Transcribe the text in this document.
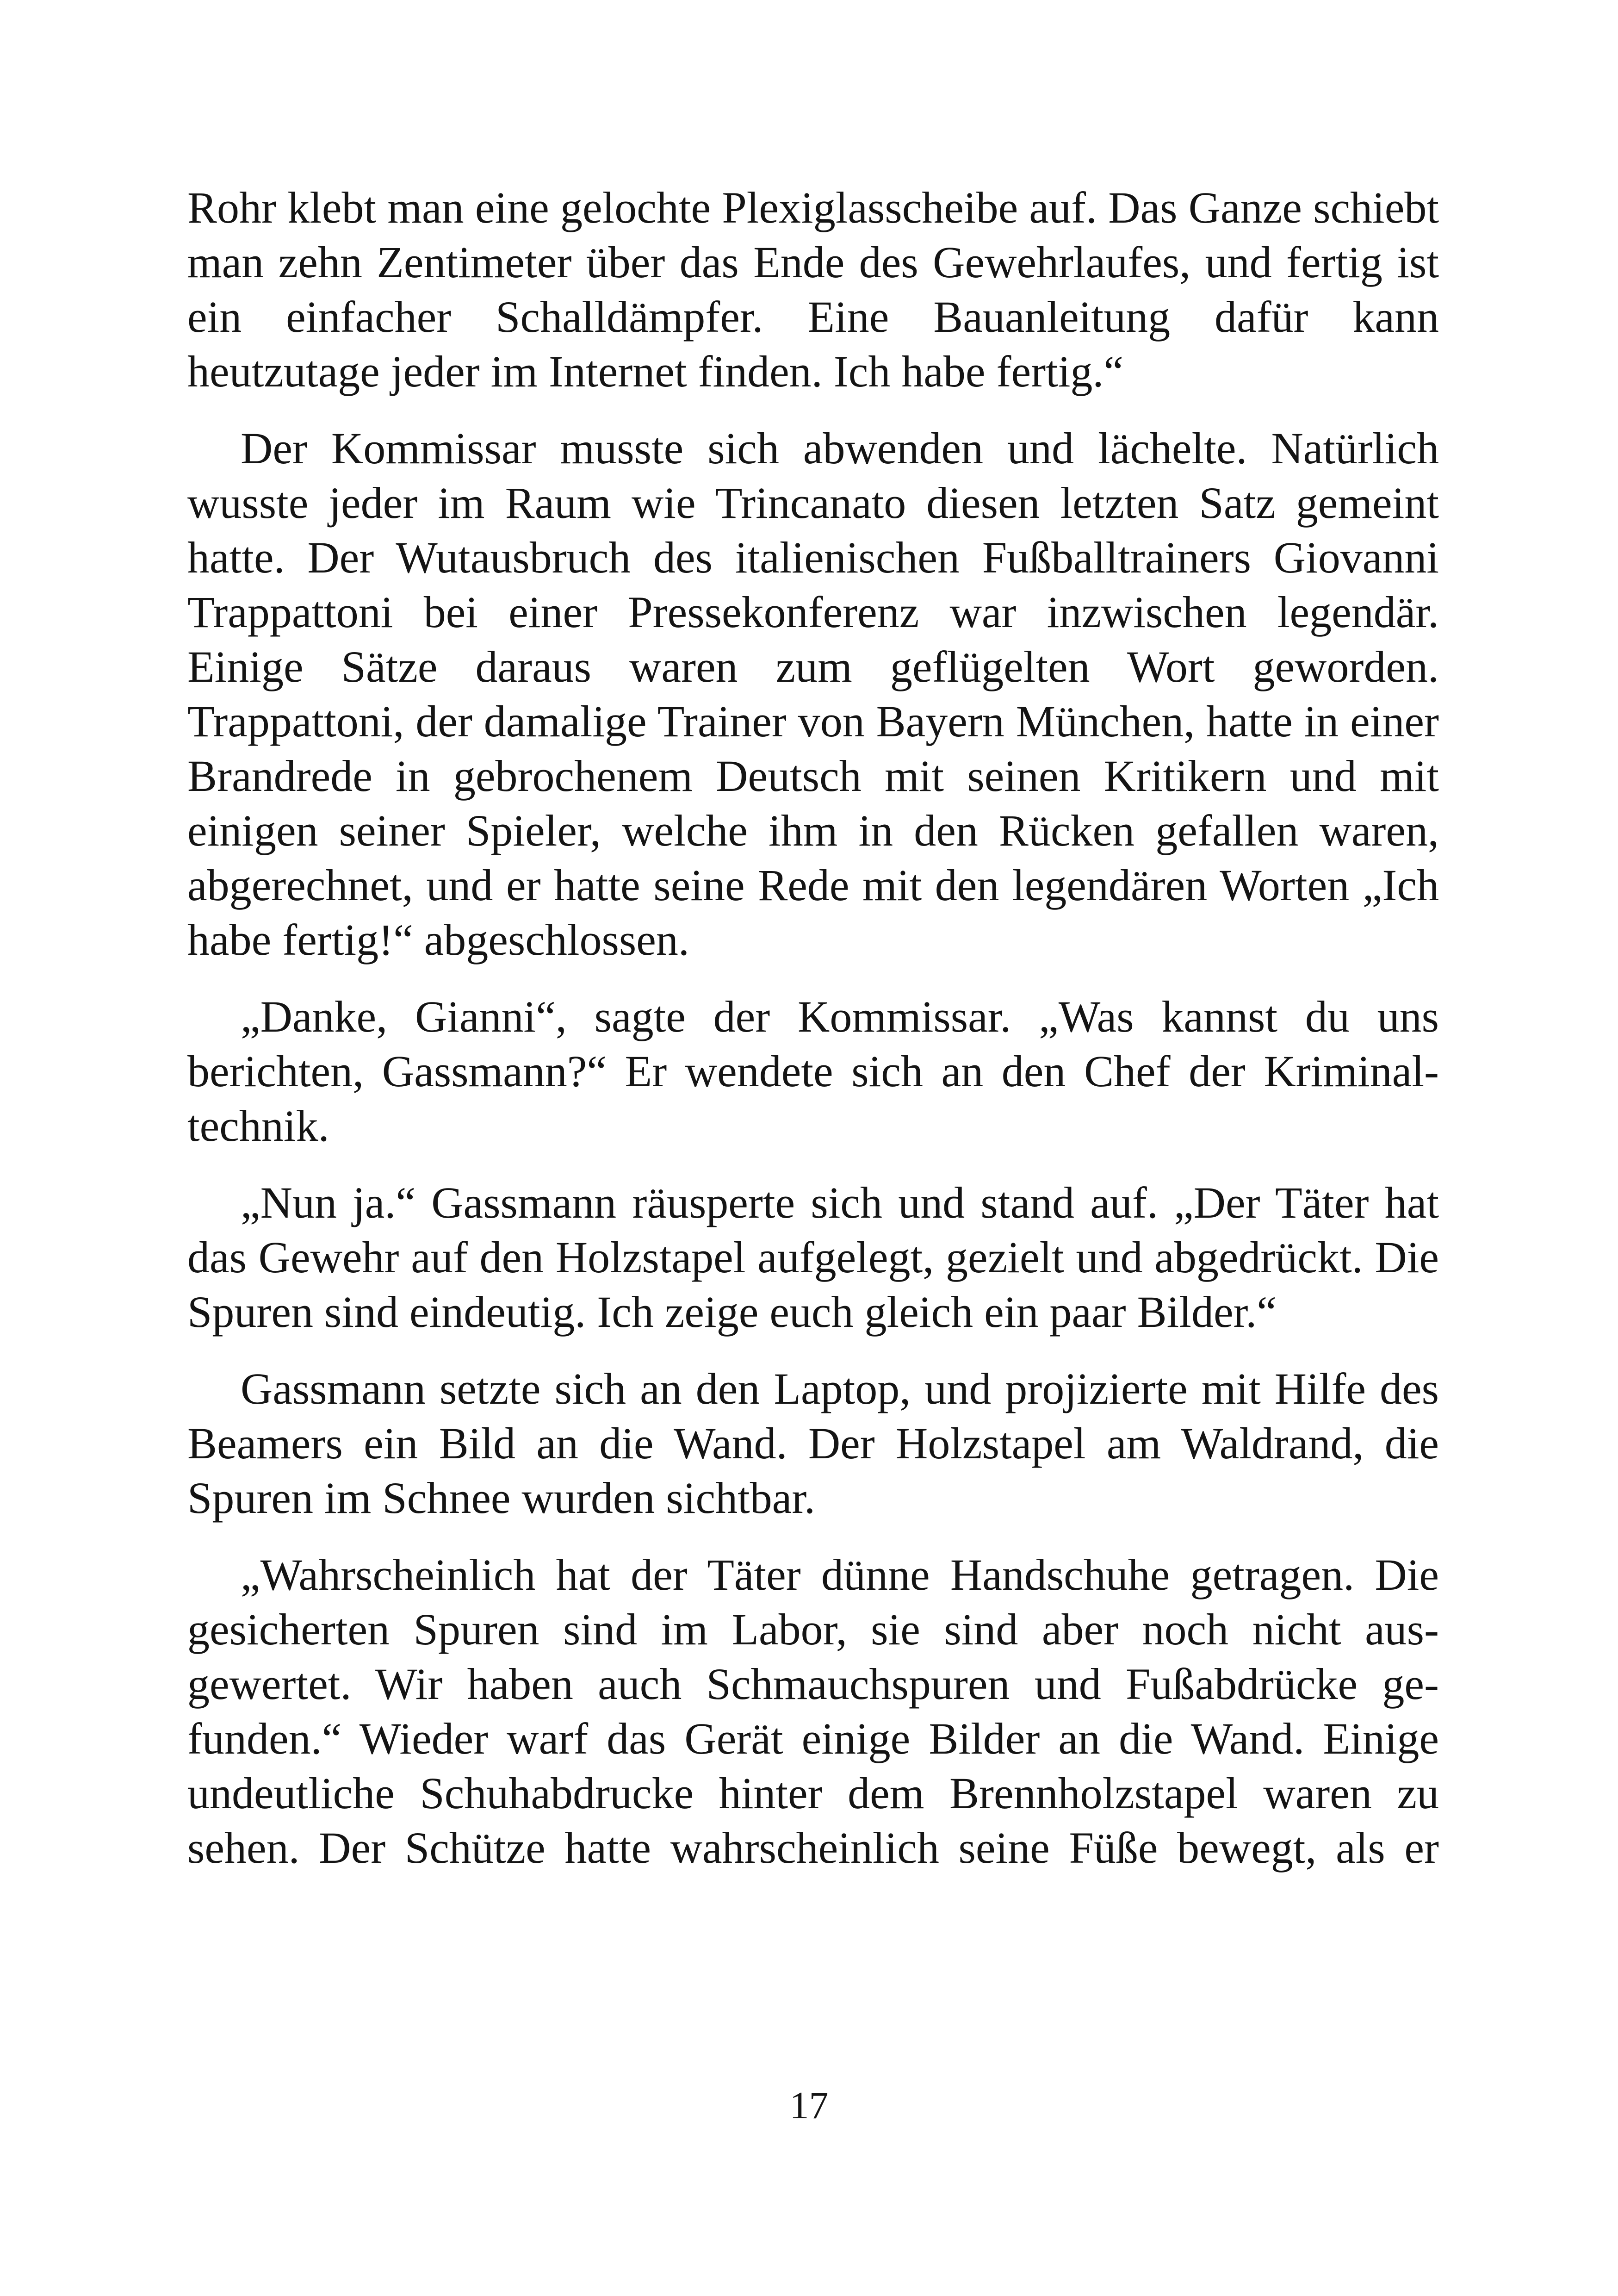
Rohr klebt man eine gelochte Plexiglasscheibe auf. Das Ganze schiebt man zehn Zentimeter über das Ende des Gewehrlaufes, und fertig ist ein einfacher Schalldämpfer. Eine Bauanleitung dafür kann heutzutage jeder im Internet finden. Ich habe fertig.“

Der Kommissar musste sich abwenden und lächelte. Natürlich wusste jeder im Raum wie Trincanato diesen letzten Satz gemeint hatte. Der Wutausbruch des italienischen Fußballtrainers Giovanni Trappattoni bei einer Pressekonferenz war inzwischen legendär. Einige Sätze daraus waren zum geflügelten Wort geworden. Trappattoni, der damalige Trainer von Bayern München, hatte in einer Brandrede in gebrochenem Deutsch mit seinen Kritikern und mit einigen seiner Spieler, welche ihm in den Rücken gefallen waren, abgerechnet, und er hatte seine Rede mit den legendären Worten „Ich habe fertig!“ abgeschlossen.

„Danke, Gianni“, sagte der Kommissar. „Was kannst du uns berichten, Gassmann?“ Er wendete sich an den Chef der Kriminaltechnik.

„Nun ja.“ Gassmann räusperte sich und stand auf. „Der Täter hat das Gewehr auf den Holzstapel aufgelegt, gezielt und abgedrückt. Die Spuren sind eindeutig. Ich zeige euch gleich ein paar Bilder.“

Gassmann setzte sich an den Laptop, und projizierte mit Hilfe des Beamers ein Bild an die Wand. Der Holzstapel am Waldrand, die Spuren im Schnee wurden sichtbar.

„Wahrscheinlich hat der Täter dünne Handschuhe getragen. Die gesicherten Spuren sind im Labor, sie sind aber noch nicht ausgewertet. Wir haben auch Schmauchspuren und Fußabdrücke gefunden.“ Wieder warf das Gerät einige Bilder an die Wand. Einige undeutliche Schuhabdrucke hinter dem Brennholzstapel waren zu sehen. Der Schütze hatte wahrscheinlich seine Füße bewegt, als er

17
